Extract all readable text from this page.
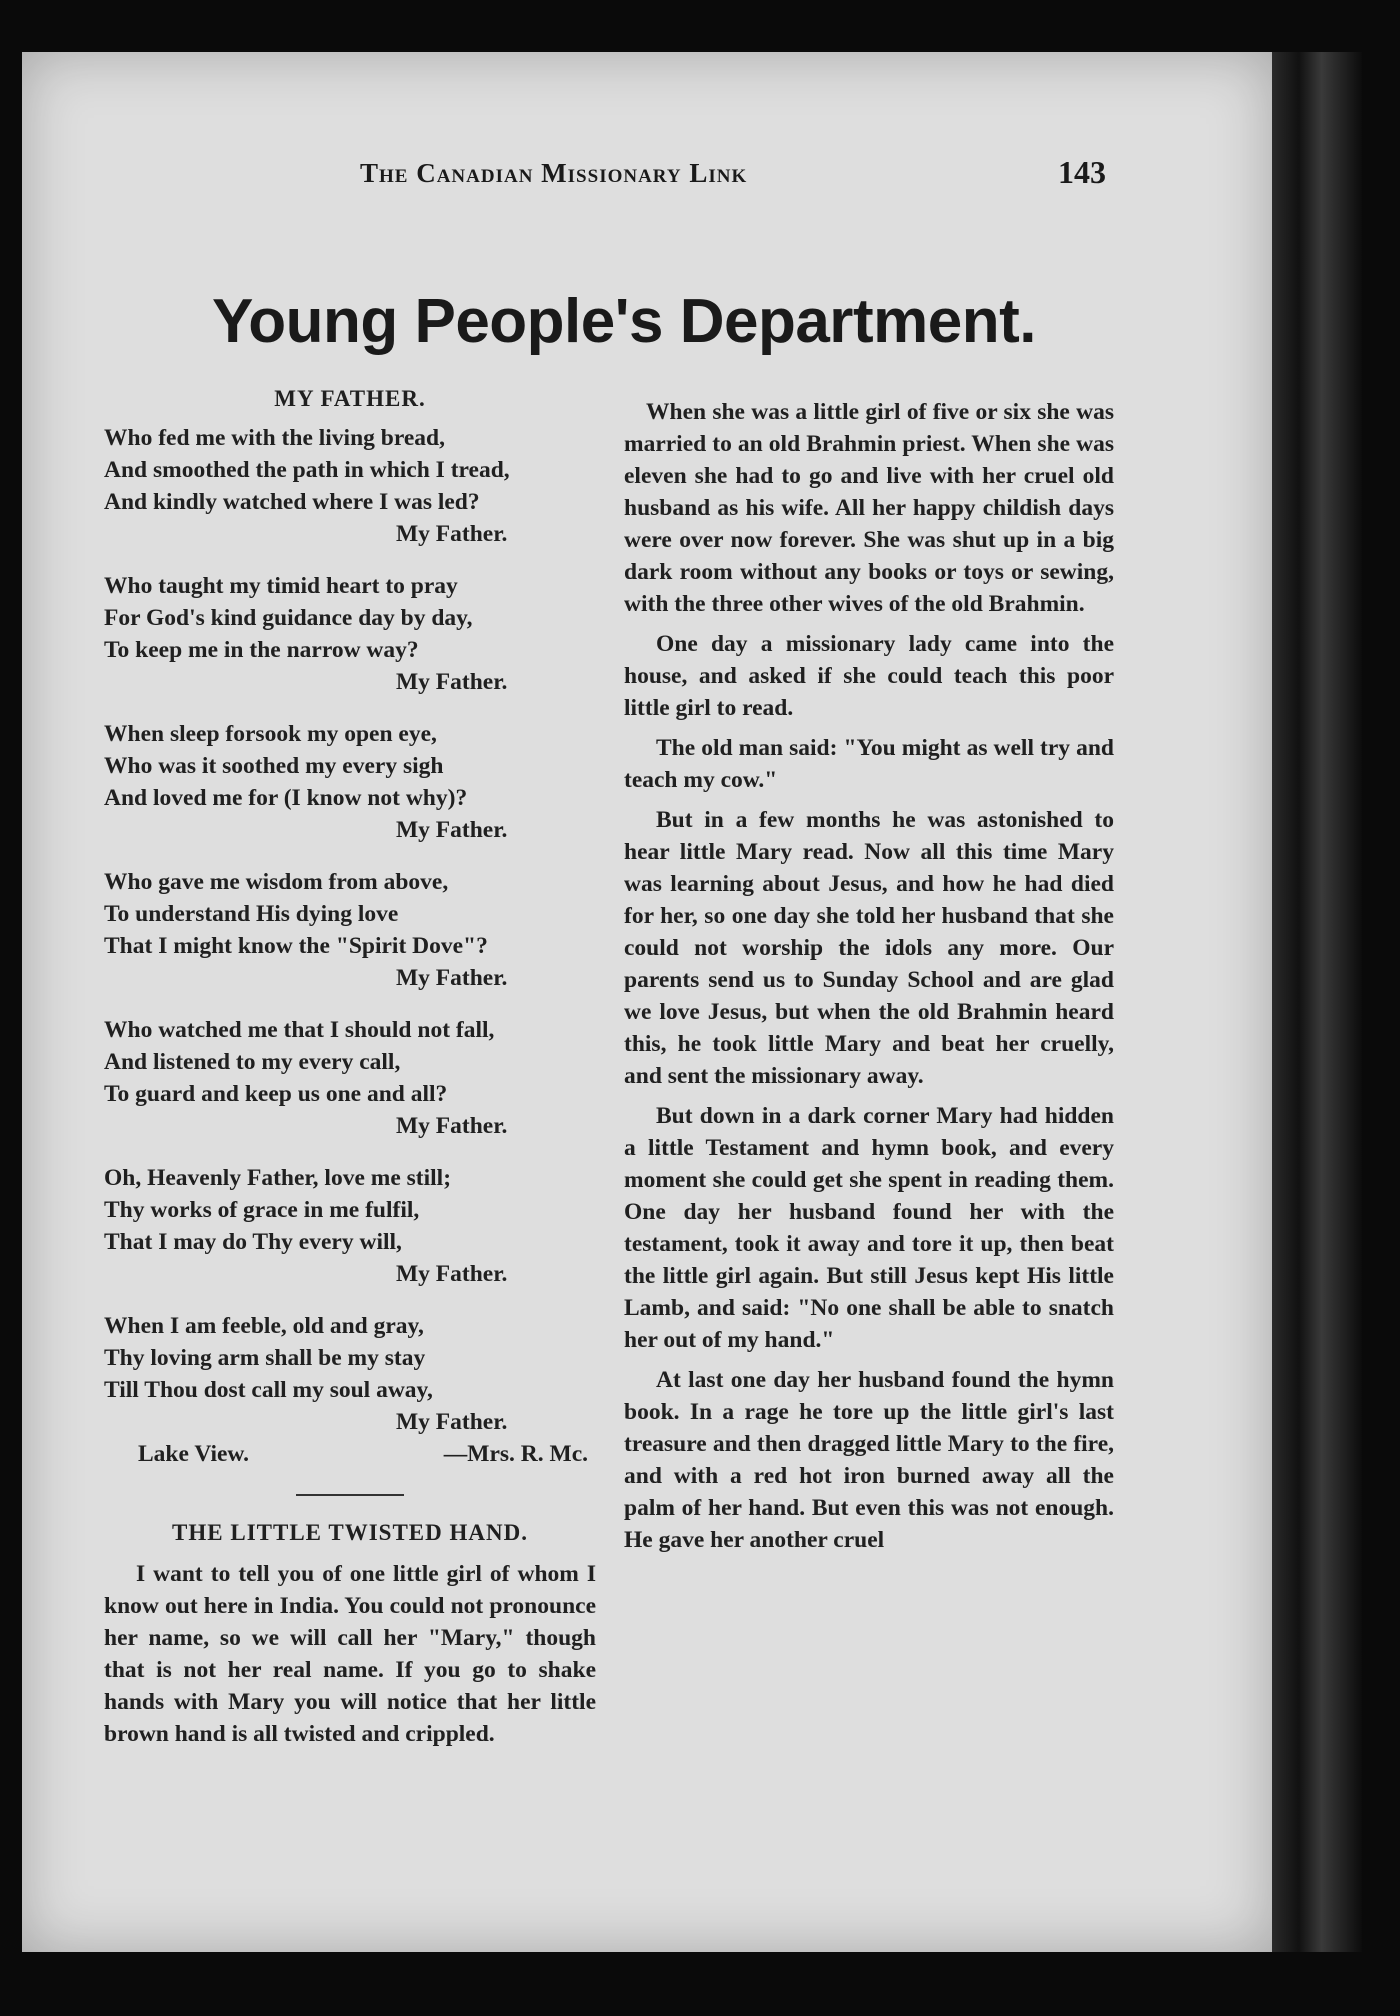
The Canadian Missionary Link	143
Young People's Department.
MY FATHER.
Who fed me with the living bread,
And smoothed the path in which I tread,
And kindly watched where I was led?
My Father.
Who taught my timid heart to pray
For God's kind guidance day by day,
To keep me in the narrow way?
My Father.
When sleep forsook my open eye,
Who was it soothed my every sigh
And loved me for (I know not why)?
My Father.
Who gave me wisdom from above,
To understand His dying love
That I might know the "Spirit Dove"?
My Father.
Who watched me that I should not fall,
And listened to my every call,
To guard and keep us one and all?
My Father.
Oh, Heavenly Father, love me still;
Thy works of grace in me fulfil,
That I may do Thy every will,
My Father.
When I am feeble, old and gray,
Thy loving arm shall be my stay
Till Thou dost call my soul away,
My Father.
Lake View.	—Mrs. R. Mc.
THE LITTLE TWISTED HAND.

I want to tell you of one little girl of whom I know out here in India. You could not pronounce her name, so we will call her "Mary," though that is not her real name. If you go to shake hands with Mary you will notice that her little brown hand is all twisted and crippled.

When she was a little girl of five or six she was married to an old Brahmin priest. When she was eleven she had to go and live with her cruel old husband as his wife. All her happy childish days were over now forever. She was shut up in a big dark room without any books or toys or sewing, with the three other wives of the old Brahmin.

One day a missionary lady came into the house, and asked if she could teach this poor little girl to read.

The old man said: "You might as well try and teach my cow."

But in a few months he was astonished to hear little Mary read. Now all this time Mary was learning about Jesus, and how he had died for her, so one day she told her husband that she could not worship the idols any more. Our parents send us to Sunday School and are glad we love Jesus, but when the old Brahmin heard this, he took little Mary and beat her cruelly, and sent the missionary away.

But down in a dark corner Mary had hidden a little Testament and hymn book, and every moment she could get she spent in reading them. One day her husband found her with the testament, took it away and tore it up, then beat the little girl again. But still Jesus kept His little Lamb, and said: "No one shall be able to snatch her out of my hand."

At last one day her husband found the hymn book. In a rage he tore up the little girl's last treasure and then dragged little Mary to the fire, and with a red hot iron burned away all the palm of her hand. But even this was not enough. He gave her another cruel
